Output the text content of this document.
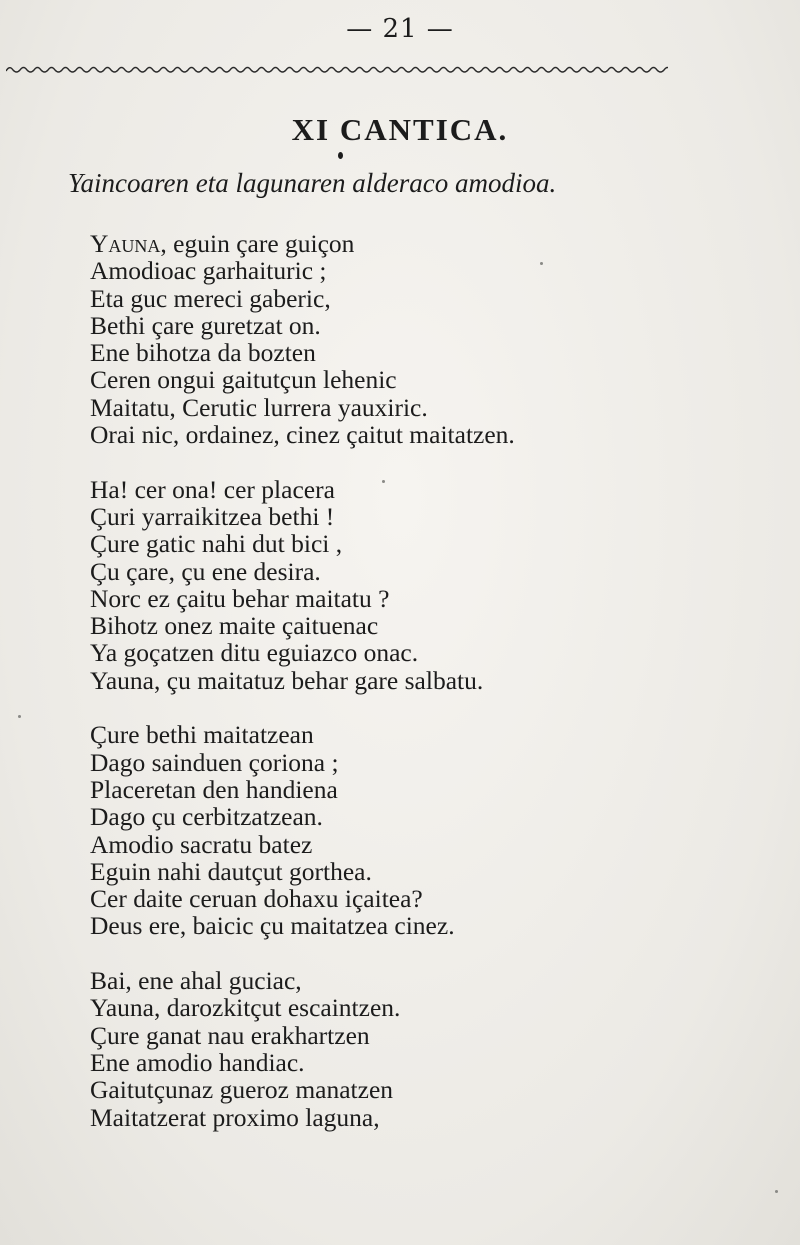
— 21 —
XI CANTICA.
Yaincoaren eta lagunaren alderaco amodioa.
Yauna, eguin çare guiçon
Amodioac garhaituric ;
Eta guc mereci gaberic,
Bethi çare guretzat on.
Ene bihotza da bozten
Ceren ongui gaitutçun lehenic
Maitatu, Cerutic lurrera yauxiric.
Orai nic, ordainez, cinez çaitut maitatzen.
Ha! cer ona! cer placera
Çuri yarraikitzea bethi !
Çure gatic nahi dut bici ,
Çu çare, çu ene desira.
Norc ez çaitu behar maitatu ?
Bihotz onez maite çaituenac
Ya goçatzen ditu eguiazco onac.
Yauna, çu maitatuz behar gare salbatu.
Çure bethi maitatzean
Dago sainduen çoriona ;
Placeretan den handiena
Dago çu cerbitzatzean.
Amodio sacratu batez
Eguin nahi dautçut gorthea.
Cer daite ceruan dohaxu içaitea?
Deus ere, baicic çu maitatzea cinez.
Bai, ene ahal guciac,
Yauna, darozkitçut escaintzen.
Çure ganat nau erakhartzen
Ene amodio handiac.
Gaitutçunaz gueroz manatzen
Maitatzerat proximo laguna,
